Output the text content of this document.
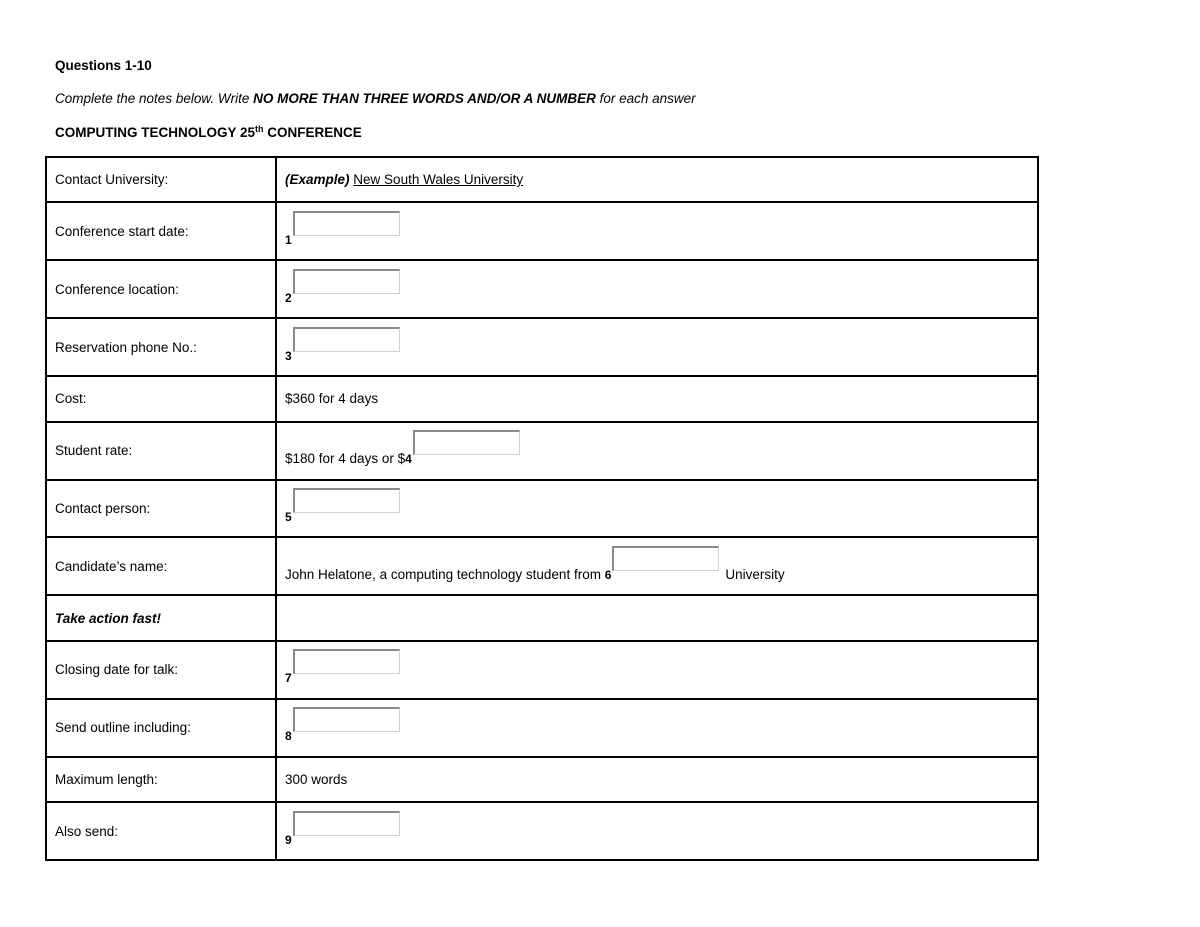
Questions 1-10
Complete the notes below. Write NO MORE THAN THREE WORDS AND/OR A NUMBER for each answer
COMPUTING TECHNOLOGY 25th CONFERENCE
Contact University:	(Example) New South Wales University
Conference start date:	1
Conference location:	2
Reservation phone No.:	3
Cost:	$360 for 4 days
Student rate:	$180 for 4 days or $4
Contact person:	5
Candidate’s name:	John Helatone, a computing technology student from 6 University
Take action fast!	
Closing date for talk:	7
Send outline including:	8
Maximum length:	300 words
Also send:	9
